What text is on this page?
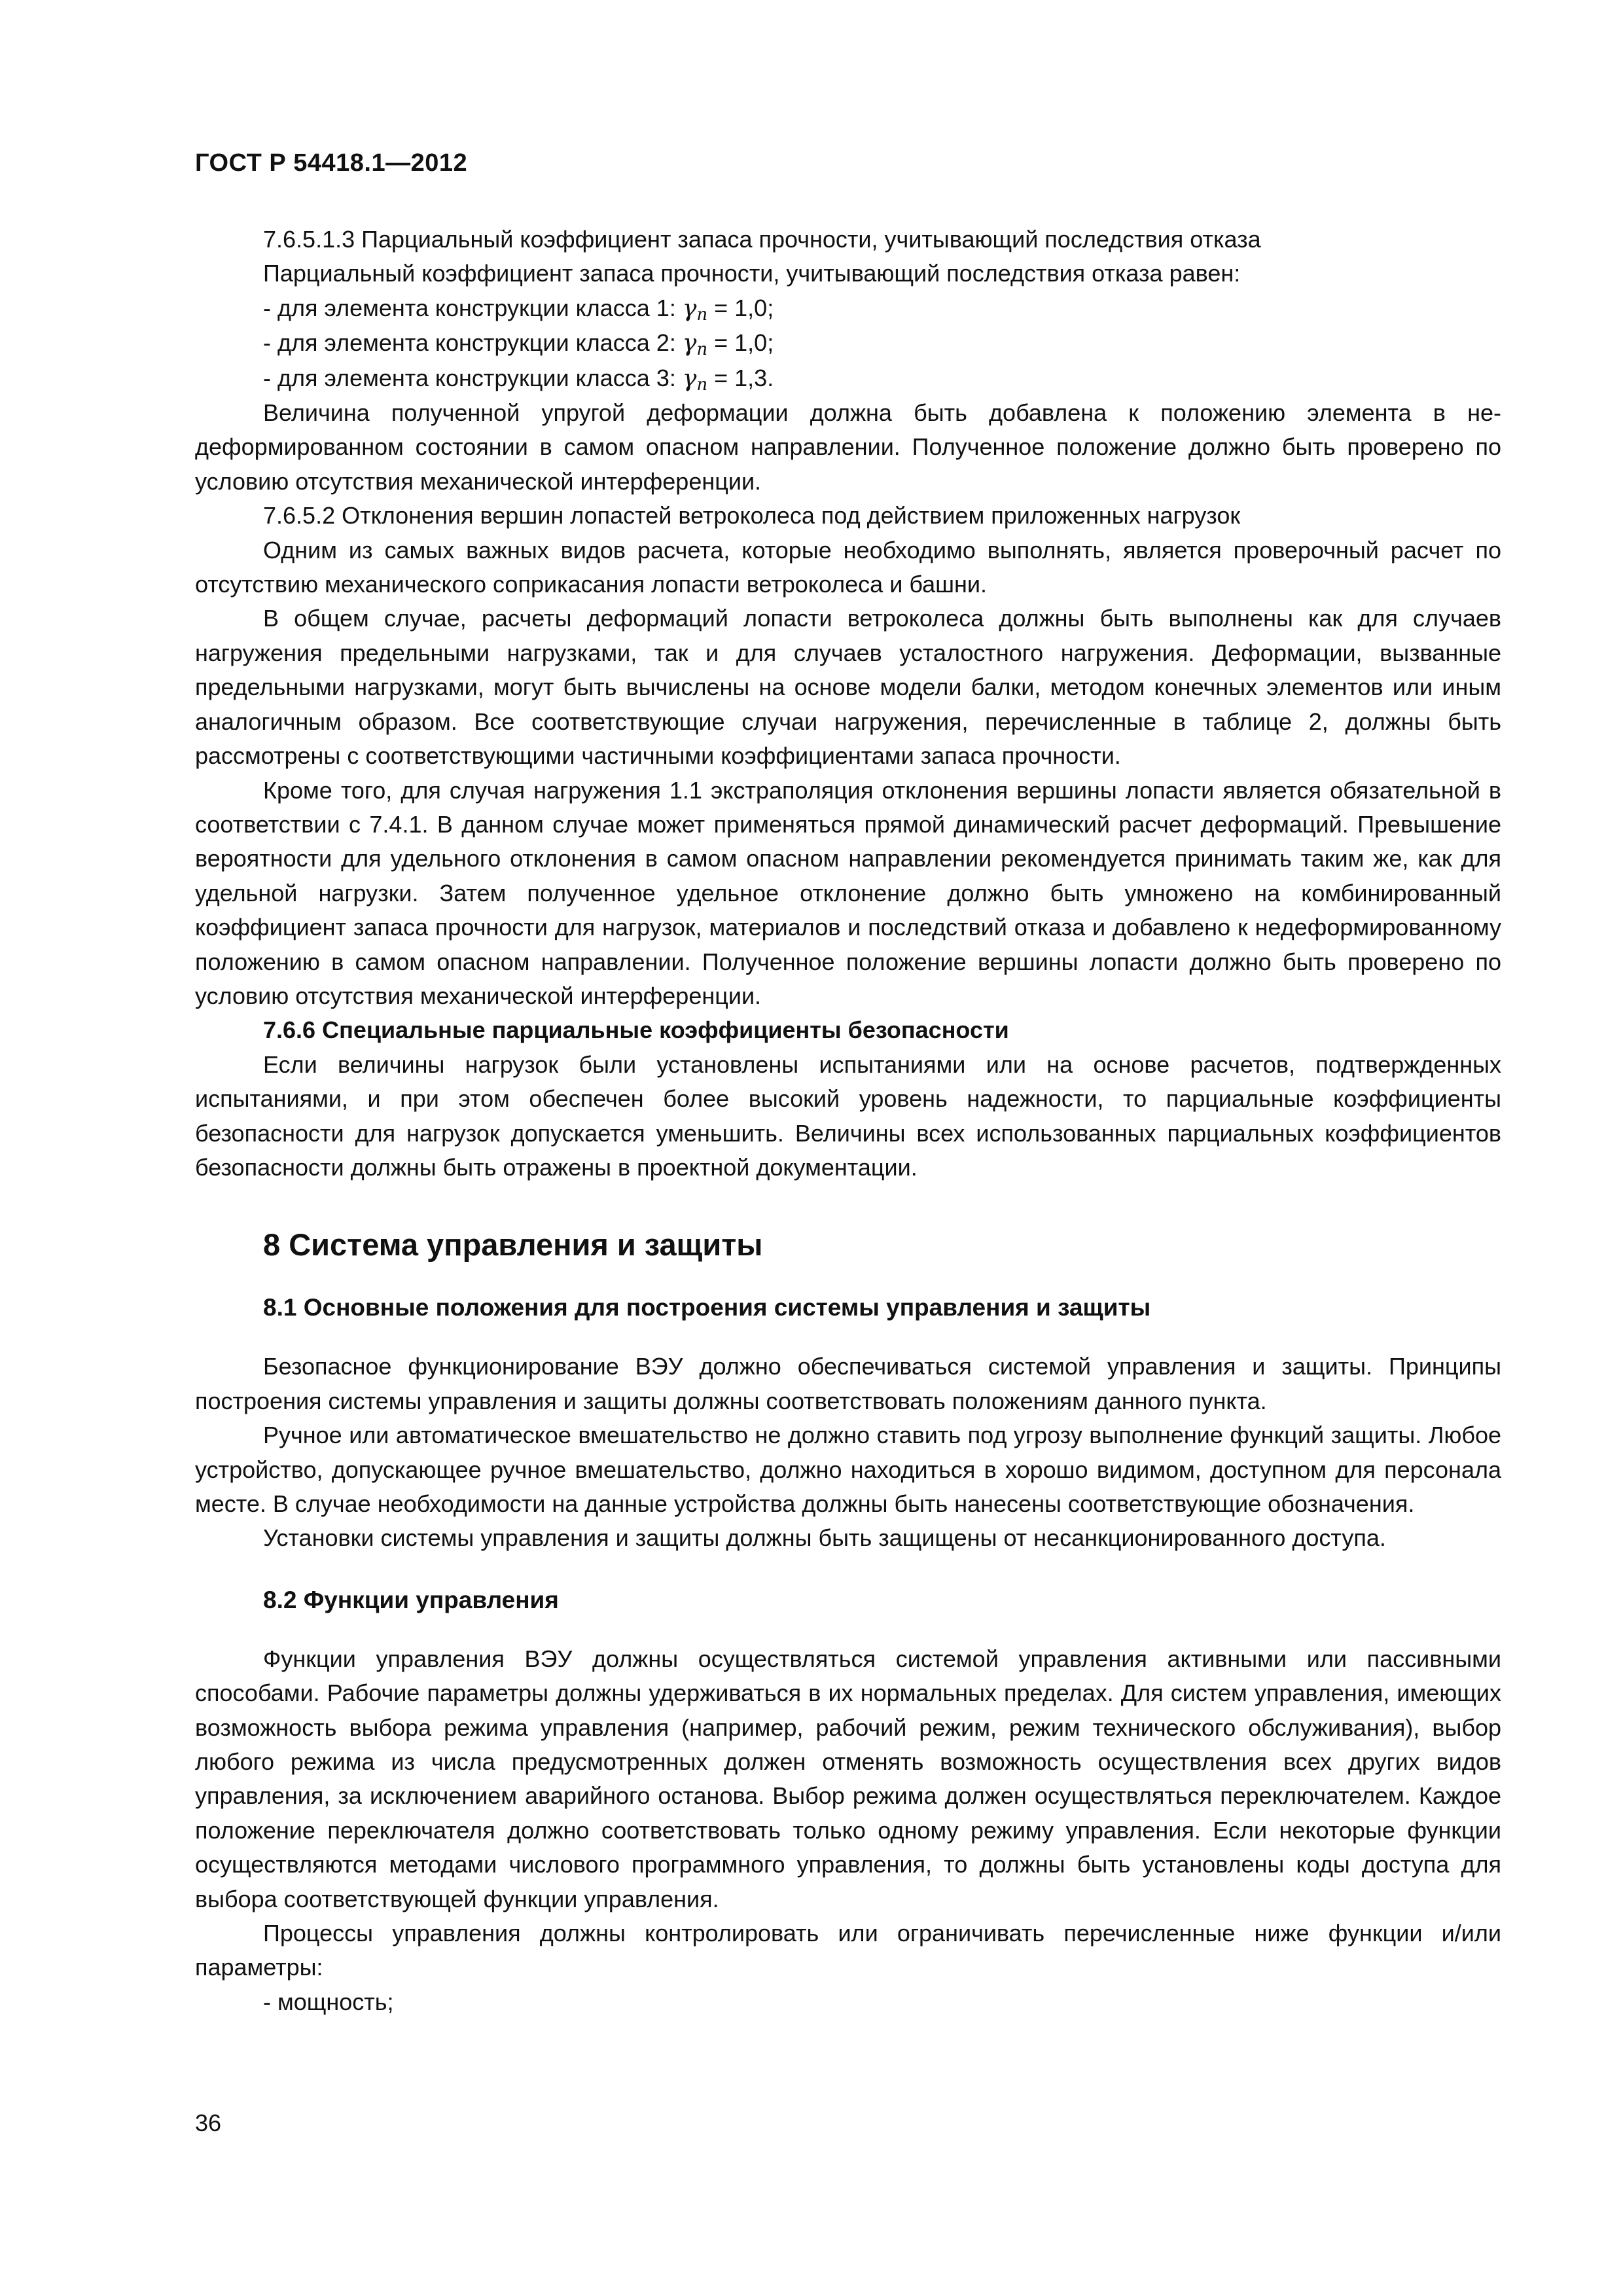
ГОСТ Р 54418.1—2012

7.6.5.1.3 Парциальный коэффициент запаса прочности, учитывающий последствия отказа

Парциальный коэффициент запаса прочности, учитывающий последствия отказа равен:

- для элемента конструкции класса 1: $\gamma_n = 1,0$;

- для элемента конструкции класса 2: $\gamma_n = 1,0$;

- для элемента конструкции класса 3: $\gamma_n = 1,3$.

Величина полученной упругой деформации должна быть добавлена к положению элемента в недеформированном состоянии в самом опасном направлении. Полученное положение должно быть проверено по условию отсутствия механической интерференции.

7.6.5.2 Отклонения вершин лопастей ветроколеса под действием приложенных нагрузок

Одним из самых важных видов расчета, которые необходимо выполнять, является проверочный расчет по отсутствию механического соприкасания лопасти ветроколеса и башни.

В общем случае, расчеты деформаций лопасти ветроколеса должны быть выполнены как для случаев нагружения предельными нагрузками, так и для случаев усталостного нагружения. Деформации, вызванные предельными нагрузками, могут быть вычислены на основе модели балки, методом конечных элементов или иным аналогичным образом. Все соответствующие случаи нагружения, перечисленные в таблице 2, должны быть рассмотрены с соответствующими частичными коэффициентами запаса прочности.

Кроме того, для случая нагружения 1.1 экстраполяция отклонения вершины лопасти является обязательной в соответствии с 7.4.1. В данном случае может применяться прямой динамический расчет деформаций. Превышение вероятности для удельного отклонения в самом опасном направлении рекомендуется принимать таким же, как для удельной нагрузки. Затем полученное удельное отклонение должно быть умножено на комбинированный коэффициент запаса прочности для нагрузок, материалов и последствий отказа и добавлено к недеформированному положению в самом опасном направлении. Полученное положение вершины лопасти должно быть проверено по условию отсутствия механической интерференции.

7.6.6 Специальные парциальные коэффициенты безопасности

Если величины нагрузок были установлены испытаниями или на основе расчетов, подтвержденных испытаниями, и при этом обеспечен более высокий уровень надежности, то парциальные коэффициенты безопасности для нагрузок допускается уменьшить. Величины всех использованных парциальных коэффициентов безопасности должны быть отражены в проектной документации.

8 Система управления и защиты
8.1 Основные положения для построения системы управления и защиты

Безопасное функционирование ВЭУ должно обеспечиваться системой управления и защиты. Принципы построения системы управления и защиты должны соответствовать положениям данного пункта.

Ручное или автоматическое вмешательство не должно ставить под угрозу выполнение функций защиты. Любое устройство, допускающее ручное вмешательство, должно находиться в хорошо видимом, доступном для персонала месте. В случае необходимости на данные устройства должны быть нанесены соответствующие обозначения.

Установки системы управления и защиты должны быть защищены от несанкционированного доступа.

8.2 Функции управления

Функции управления ВЭУ должны осуществляться системой управления активными или пассивными способами. Рабочие параметры должны удерживаться в их нормальных пределах. Для систем управления, имеющих возможность выбора режима управления (например, рабочий режим, режим технического обслуживания), выбор любого режима из числа предусмотренных должен отменять возможность осуществления всех других видов управления, за исключением аварийного останова. Выбор режима должен осуществляться переключателем. Каждое положение переключателя должно соответствовать только одному режиму управления. Если некоторые функции осуществляются методами числового программного управления, то должны быть установлены коды доступа для выбора соответствующей функции управления.

Процессы управления должны контролировать или ограничивать перечисленные ниже функции и/или параметры:

- мощность;

36
